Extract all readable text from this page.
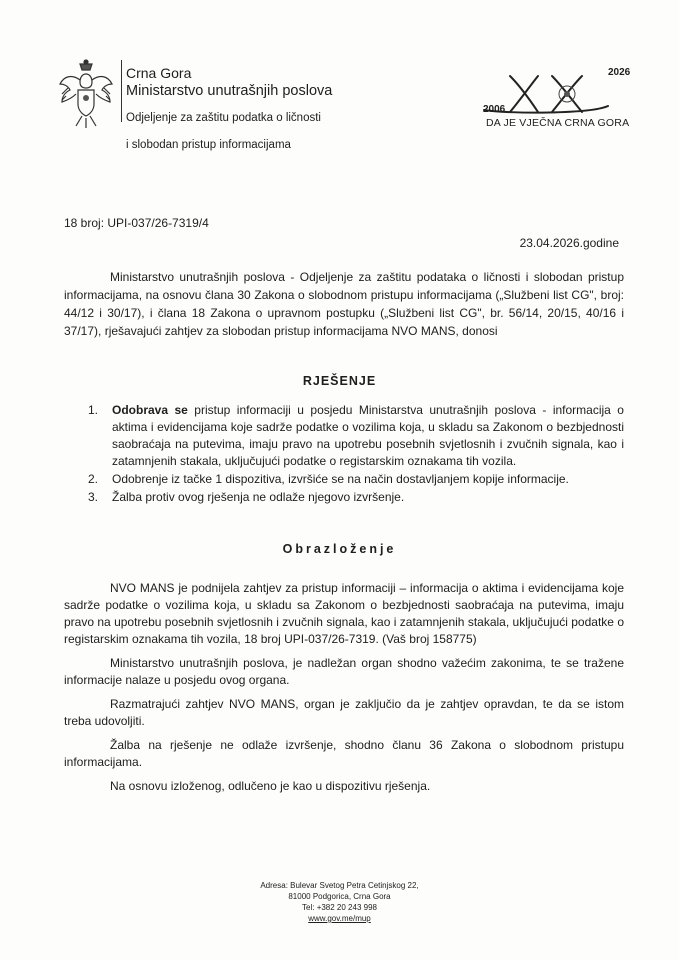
Crna Gora
Ministarstvo unutrašnjih poslova
Odjeljenje za zaštitu podatka o ličnosti
i slobodan pristup informacijama
2006
2026
DA JE VJEČNA CRNA GORA
18 broj: UPI-037/26-7319/4
23.04.2026.godine
Ministarstvo unutrašnjih poslova - Odjeljenje za zaštitu podataka o ličnosti i slobodan pristup informacijama, na osnovu člana 30 Zakona o slobodnom pristupu informacijama („Službeni list CG", broj: 44/12 i 30/17), i člana 18 Zakona o upravnom postupku („Službeni list CG", br. 56/14, 20/15, 40/16 i 37/17), rješavajući zahtjev za slobodan pristup informacijama NVO MANS, donosi
RJEŠENJE
1.	Odobrava se pristup informaciji u posjedu Ministarstva unutrašnjih poslova - informacija o aktima i evidencijama koje sadrže podatke o vozilima koja, u skladu sa Zakonom o bezbjednosti saobraćaja na putevima, imaju pravo na upotrebu posebnih svjetlosnih i zvučnih signala, kao i zatamnjenih stakala, uključujući podatke o registarskim oznakama tih vozila.
2.	Odobrenje iz tačke 1 dispozitiva, izvršiće se na način dostavljanjem kopije informacije.
3.	Žalba protiv ovog rješenja ne odlaže njegovo izvršenje.
Obrazloženje

NVO MANS je podnijela zahtjev za pristup informaciji – informacija o aktima i evidencijama koje sadrže podatke o vozilima koja, u skladu sa Zakonom o bezbjednosti saobraćaja na putevima, imaju pravo na upotrebu posebnih svjetlosnih i zvučnih signala, kao i zatamnjenih stakala, uključujući podatke o registarskim oznakama tih vozila, 18 broj UPI-037/26-7319. (Vaš broj 158775)

Ministarstvo unutrašnjih poslova, je nadležan organ shodno važećim zakonima, te se tražene informacije nalaze u posjedu ovog organa.

Razmatrajući zahtjev NVO MANS, organ je zaključio da je zahtjev opravdan, te da se istom treba udovoljiti.

Žalba na rješenje ne odlaže izvršenje, shodno članu 36 Zakona o slobodnom pristupu informacijama.

Na osnovu izloženog, odlučeno je kao u dispozitivu rješenja.

Adresa: Bulevar Svetog Petra Cetinjskog 22,
81000 Podgorica, Crna Gora
Tel: +382 20 243 998
www.gov.me/mup
